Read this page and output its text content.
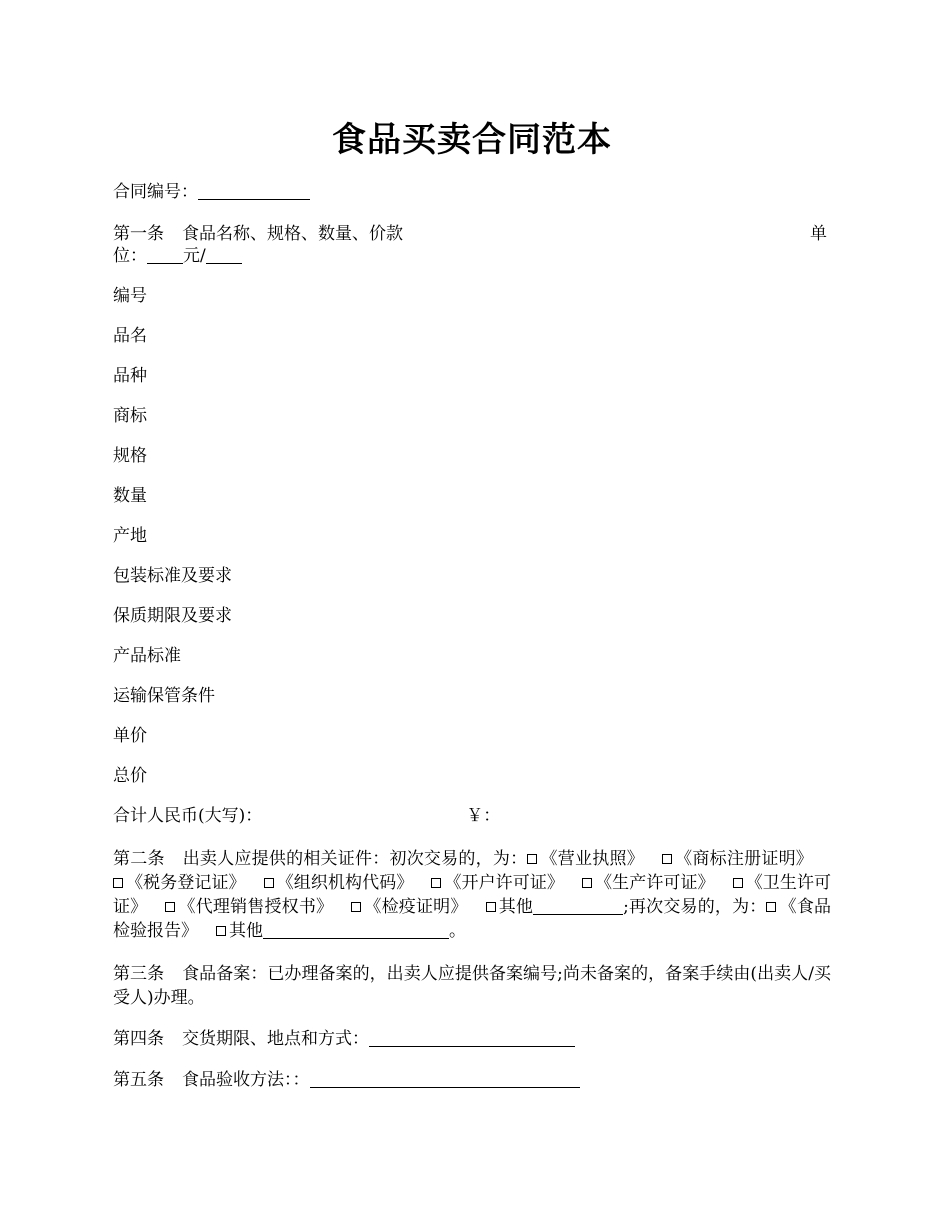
食品买卖合同范本
合同编号：
第一条 食品名称、规格、数量、价款	单
位： 元/
编号
品名
品种
商标
规格
数量
产地
包装标准及要求
保质期限及要求
产品标准
运输保管条件
单价
总价
合计人民币(大写)：	￥：
第二条 出卖人应提供的相关证件：初次交易的，为： 《营业执照》 《商标注册证明》《税务登记证》 《组织机构代码》 《开户许可证》 《生产许可证》 《卫生许可证》 《代理销售授权书》 《检疫证明》 其他	;再次交易的，为： 《食品检验报告》 其他	。
第三条 食品备案：已办理备案的，出卖人应提供备案编号;尚未备案的，备案手续由(出卖人/买受人)办理。
第四条 交货期限、地点和方式：
第五条 食品验收方法：：
